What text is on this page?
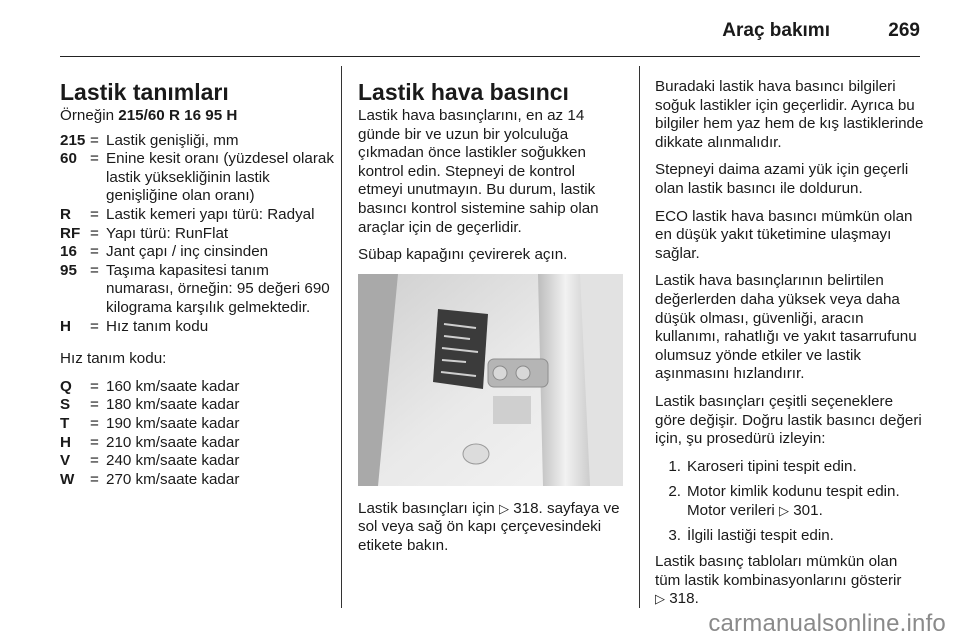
Araç bakımı	269
Lastik tanımları
Örneğin 215/60 R 16 95 H
215	=	Lastik genişliği, mm
60	=	Enine kesit oranı (yüzdesel olarak lastik yüksekliğinin lastik genişliğine olan oranı)
R	=	Lastik kemeri yapı türü: Radyal
RF	=	Yapı türü: RunFlat
16	=	Jant çapı / inç cinsinden
95	=	Taşıma kapasitesi tanım numarası, örneğin: 95 değeri 690 kilograma karşılık gelmektedir.
H	=	Hız tanım kodu

Hız tanım kodu:

Q	=	160 km/saate kadar
S	=	180 km/saate kadar
T	=	190 km/saate kadar
H	=	210 km/saate kadar
V	=	240 km/saate kadar
W	=	270 km/saate kadar
Lastik hava basıncı

Lastik hava basınçlarını, en az 14 günde bir ve uzun bir yolculuğa çıkmadan önce lastikler soğukken kontrol edin. Stepneyi de kontrol etmeyi unutmayın. Bu durum, lastik basıncı kontrol sistemine sahip olan araçlar için de geçerlidir.

Sübap kapağını çevirerek açın.

Lastik basınçları için ▷ 318. sayfaya ve sol veya sağ ön kapı çerçevesindeki etikete bakın.

Buradaki lastik hava basıncı bilgileri soğuk lastikler için geçerlidir. Ayrıca bu bilgiler hem yaz hem de kış lastiklerinde dikkate alınmalıdır.

Stepneyi daima azami yük için geçerli olan lastik basıncı ile doldurun.

ECO lastik hava basıncı mümkün olan en düşük yakıt tüketimine ulaşmayı sağlar.

Lastik hava basınçlarının belirtilen değerlerden daha yüksek veya daha düşük olması, güvenliği, aracın kullanımı, rahatlığı ve yakıt tasarrufunu olumsuz yönde etkiler ve lastik aşınmasını hızlandırır.

Lastik basınçları çeşitli seçeneklere göre değişir. Doğru lastik basıncı değeri için, şu prosedürü izleyin:

1. Karoseri tipini tespit edin.
2. Motor kimlik kodunu tespit edin. Motor verileri ▷ 301.
3. İlgili lastiği tespit edin.

Lastik basınç tabloları mümkün olan tüm lastik kombinasyonlarını gösterir
▷ 318.

carmanualsonline.info
